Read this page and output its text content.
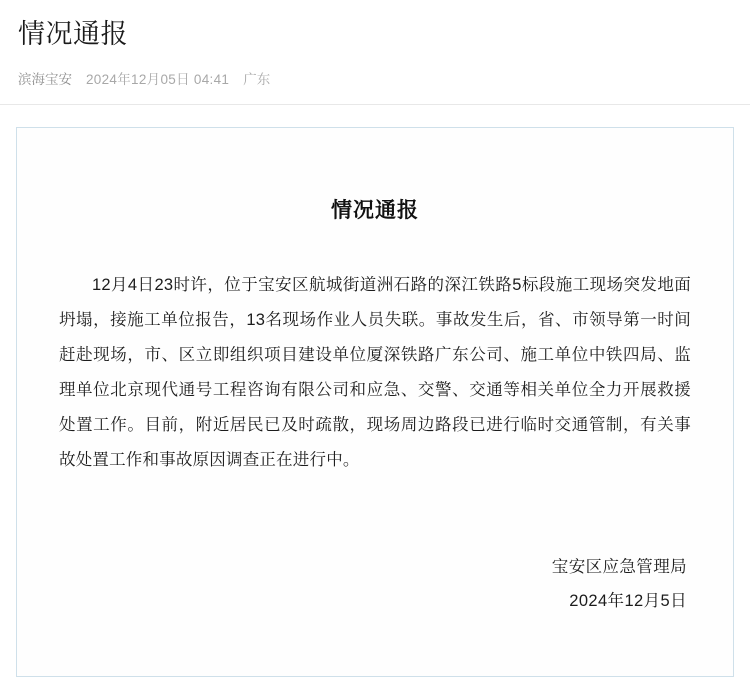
情况通报
滨海宝安 2024年12月05日 04:41 广东
情况通报

12月4日23时许，位于宝安区航城街道洲石路的深江铁路5标段施工现场突发地面坍塌，接施工单位报告，13名现场作业人员失联。事故发生后，省、市领导第一时间赶赴现场，市、区立即组织项目建设单位厦深铁路广东公司、施工单位中铁四局、监理单位北京现代通号工程咨询有限公司和应急、交警、交通等相关单位全力开展救援处置工作。目前，附近居民已及时疏散，现场周边路段已进行临时交通管制，有关事故处置工作和事故原因调查正在进行中。

宝安区应急管理局
2024年12月5日
